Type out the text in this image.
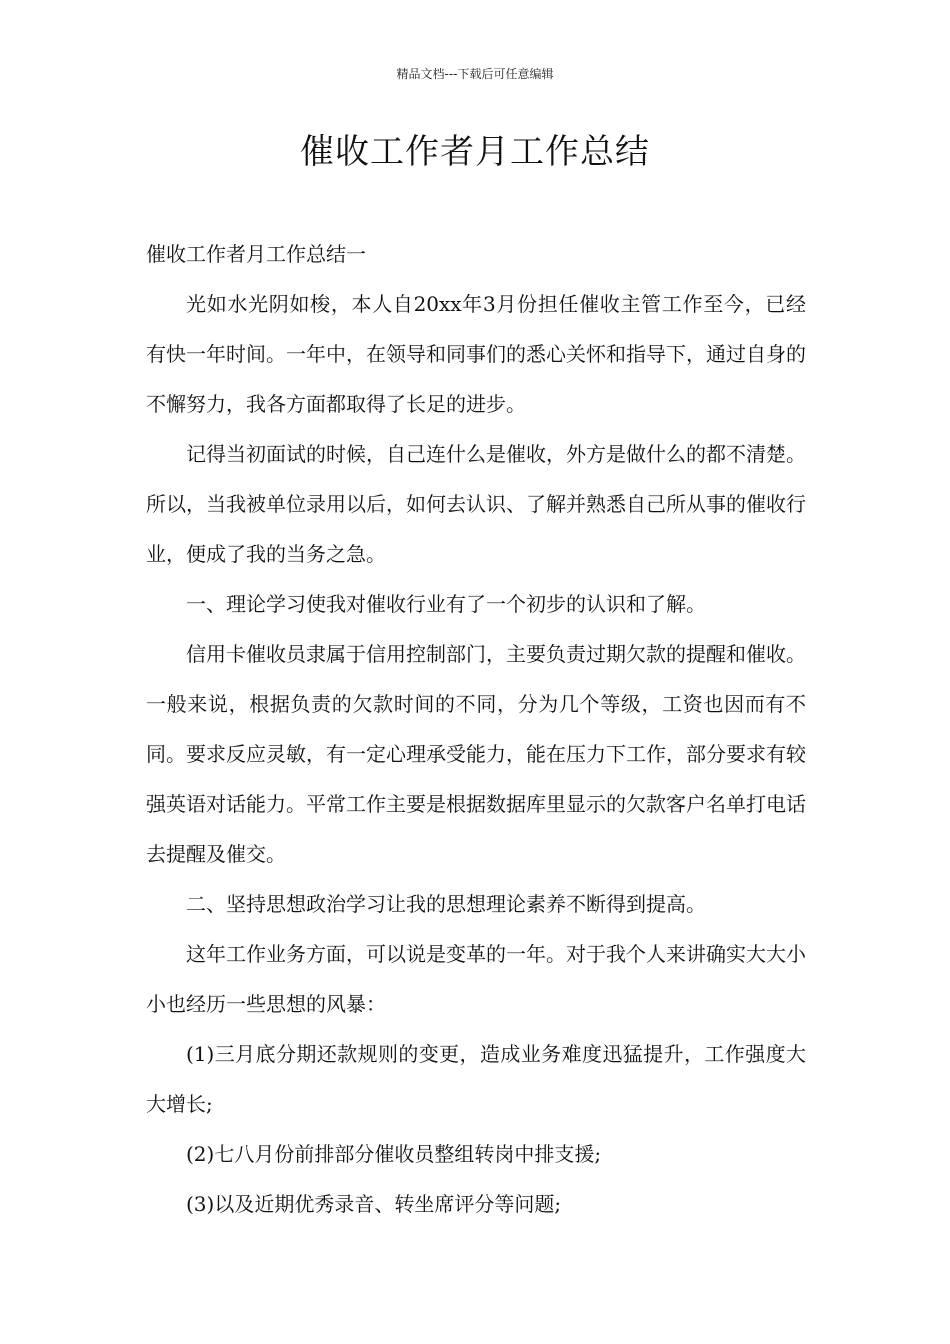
精品文档---下载后可任意编辑
催收工作者月工作总结

催收工作者月工作总结一

光如水光阴如梭，本人自20xx年3月份担任催收主管工作至今，已经有快一年时间。一年中，在领导和同事们的悉心关怀和指导下，通过自身的不懈努力，我各方面都取得了长足的进步。

记得当初面试的时候，自己连什么是催收，外方是做什么的都不清楚。所以，当我被单位录用以后，如何去认识、了解并熟悉自己所从事的催收行业，便成了我的当务之急。

一、理论学习使我对催收行业有了一个初步的认识和了解。

信用卡催收员隶属于信用控制部门，主要负责过期欠款的提醒和催收。一般来说，根据负责的欠款时间的不同，分为几个等级，工资也因而有不同。要求反应灵敏，有一定心理承受能力，能在压力下工作，部分要求有较强英语对话能力。平常工作主要是根据数据库里显示的欠款客户名单打电话去提醒及催交。

二、坚持思想政治学习让我的思想理论素养不断得到提高。

这年工作业务方面，可以说是变革的一年。对于我个人来讲确实大大小小也经历一些思想的风暴：

(1)三月底分期还款规则的变更，造成业务难度迅猛提升，工作强度大大增长;

(2)七八月份前排部分催收员整组转岗中排支援;

(3)以及近期优秀录音、转坐席评分等问题;
